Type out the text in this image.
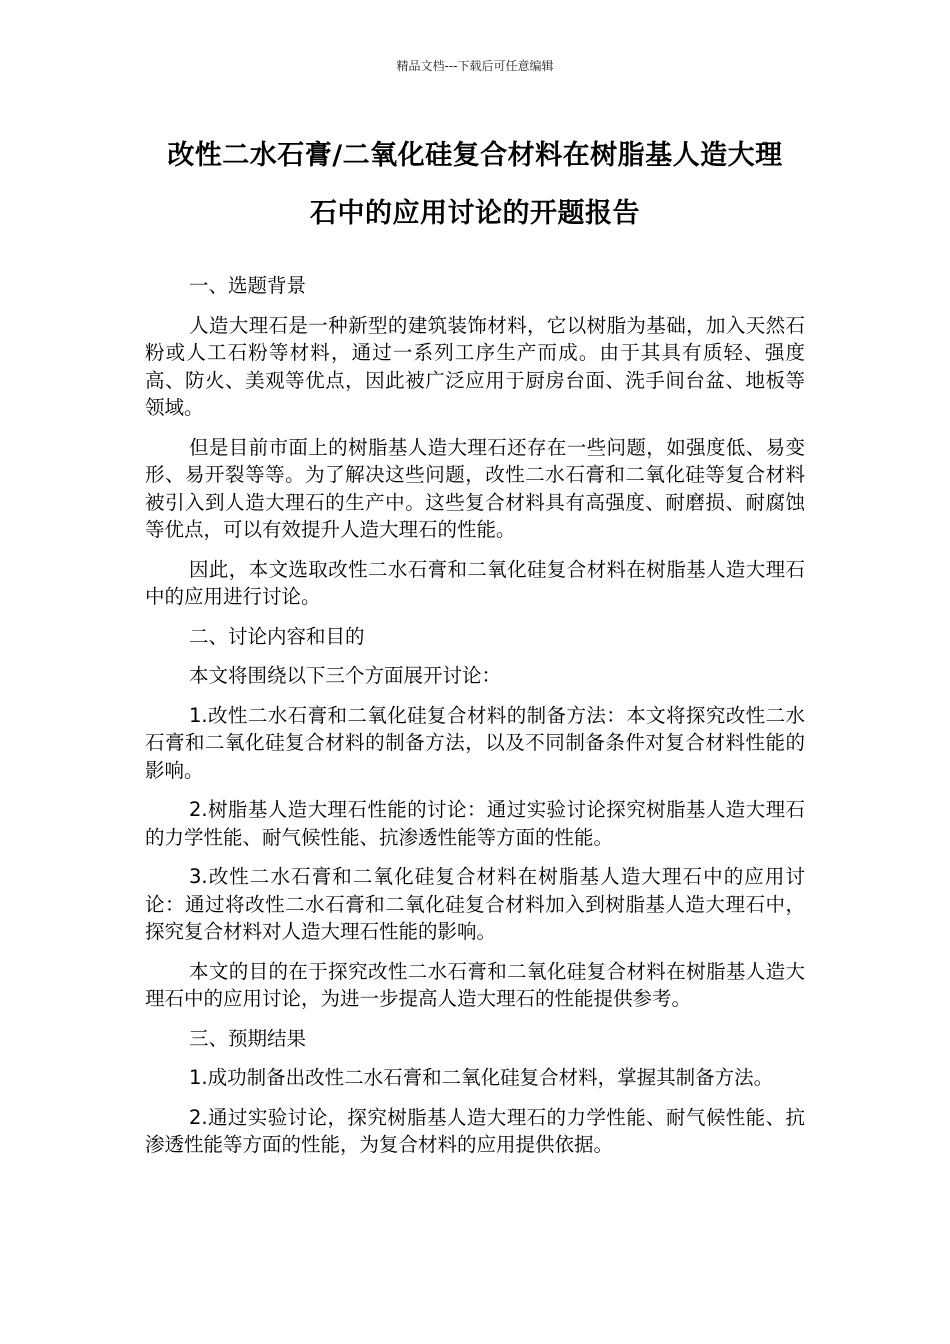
精品文档---下载后可任意编辑
改性二水石膏/二氧化硅复合材料在树脂基人造大理
石中的应用讨论的开题报告

一、选题背景

人造大理石是一种新型的建筑装饰材料，它以树脂为基础，加入天然石粉或人工石粉等材料，通过一系列工序生产而成。由于其具有质轻、强度高、防火、美观等优点，因此被广泛应用于厨房台面、洗手间台盆、地板等领域。

但是目前市面上的树脂基人造大理石还存在一些问题，如强度低、易变形、易开裂等等。为了解决这些问题，改性二水石膏和二氧化硅等复合材料被引入到人造大理石的生产中。这些复合材料具有高强度、耐磨损、耐腐蚀等优点，可以有效提升人造大理石的性能。

因此，本文选取改性二水石膏和二氧化硅复合材料在树脂基人造大理石中的应用进行讨论。

二、讨论内容和目的

本文将围绕以下三个方面展开讨论：

1.改性二水石膏和二氧化硅复合材料的制备方法：本文将探究改性二水石膏和二氧化硅复合材料的制备方法，以及不同制备条件对复合材料性能的影响。

2.树脂基人造大理石性能的讨论：通过实验讨论探究树脂基人造大理石的力学性能、耐气候性能、抗渗透性能等方面的性能。

3.改性二水石膏和二氧化硅复合材料在树脂基人造大理石中的应用讨论：通过将改性二水石膏和二氧化硅复合材料加入到树脂基人造大理石中，探究复合材料对人造大理石性能的影响。

本文的目的在于探究改性二水石膏和二氧化硅复合材料在树脂基人造大理石中的应用讨论，为进一步提高人造大理石的性能提供参考。

三、预期结果

1.成功制备出改性二水石膏和二氧化硅复合材料，掌握其制备方法。

2.通过实验讨论，探究树脂基人造大理石的力学性能、耐气候性能、抗渗透性能等方面的性能，为复合材料的应用提供依据。
